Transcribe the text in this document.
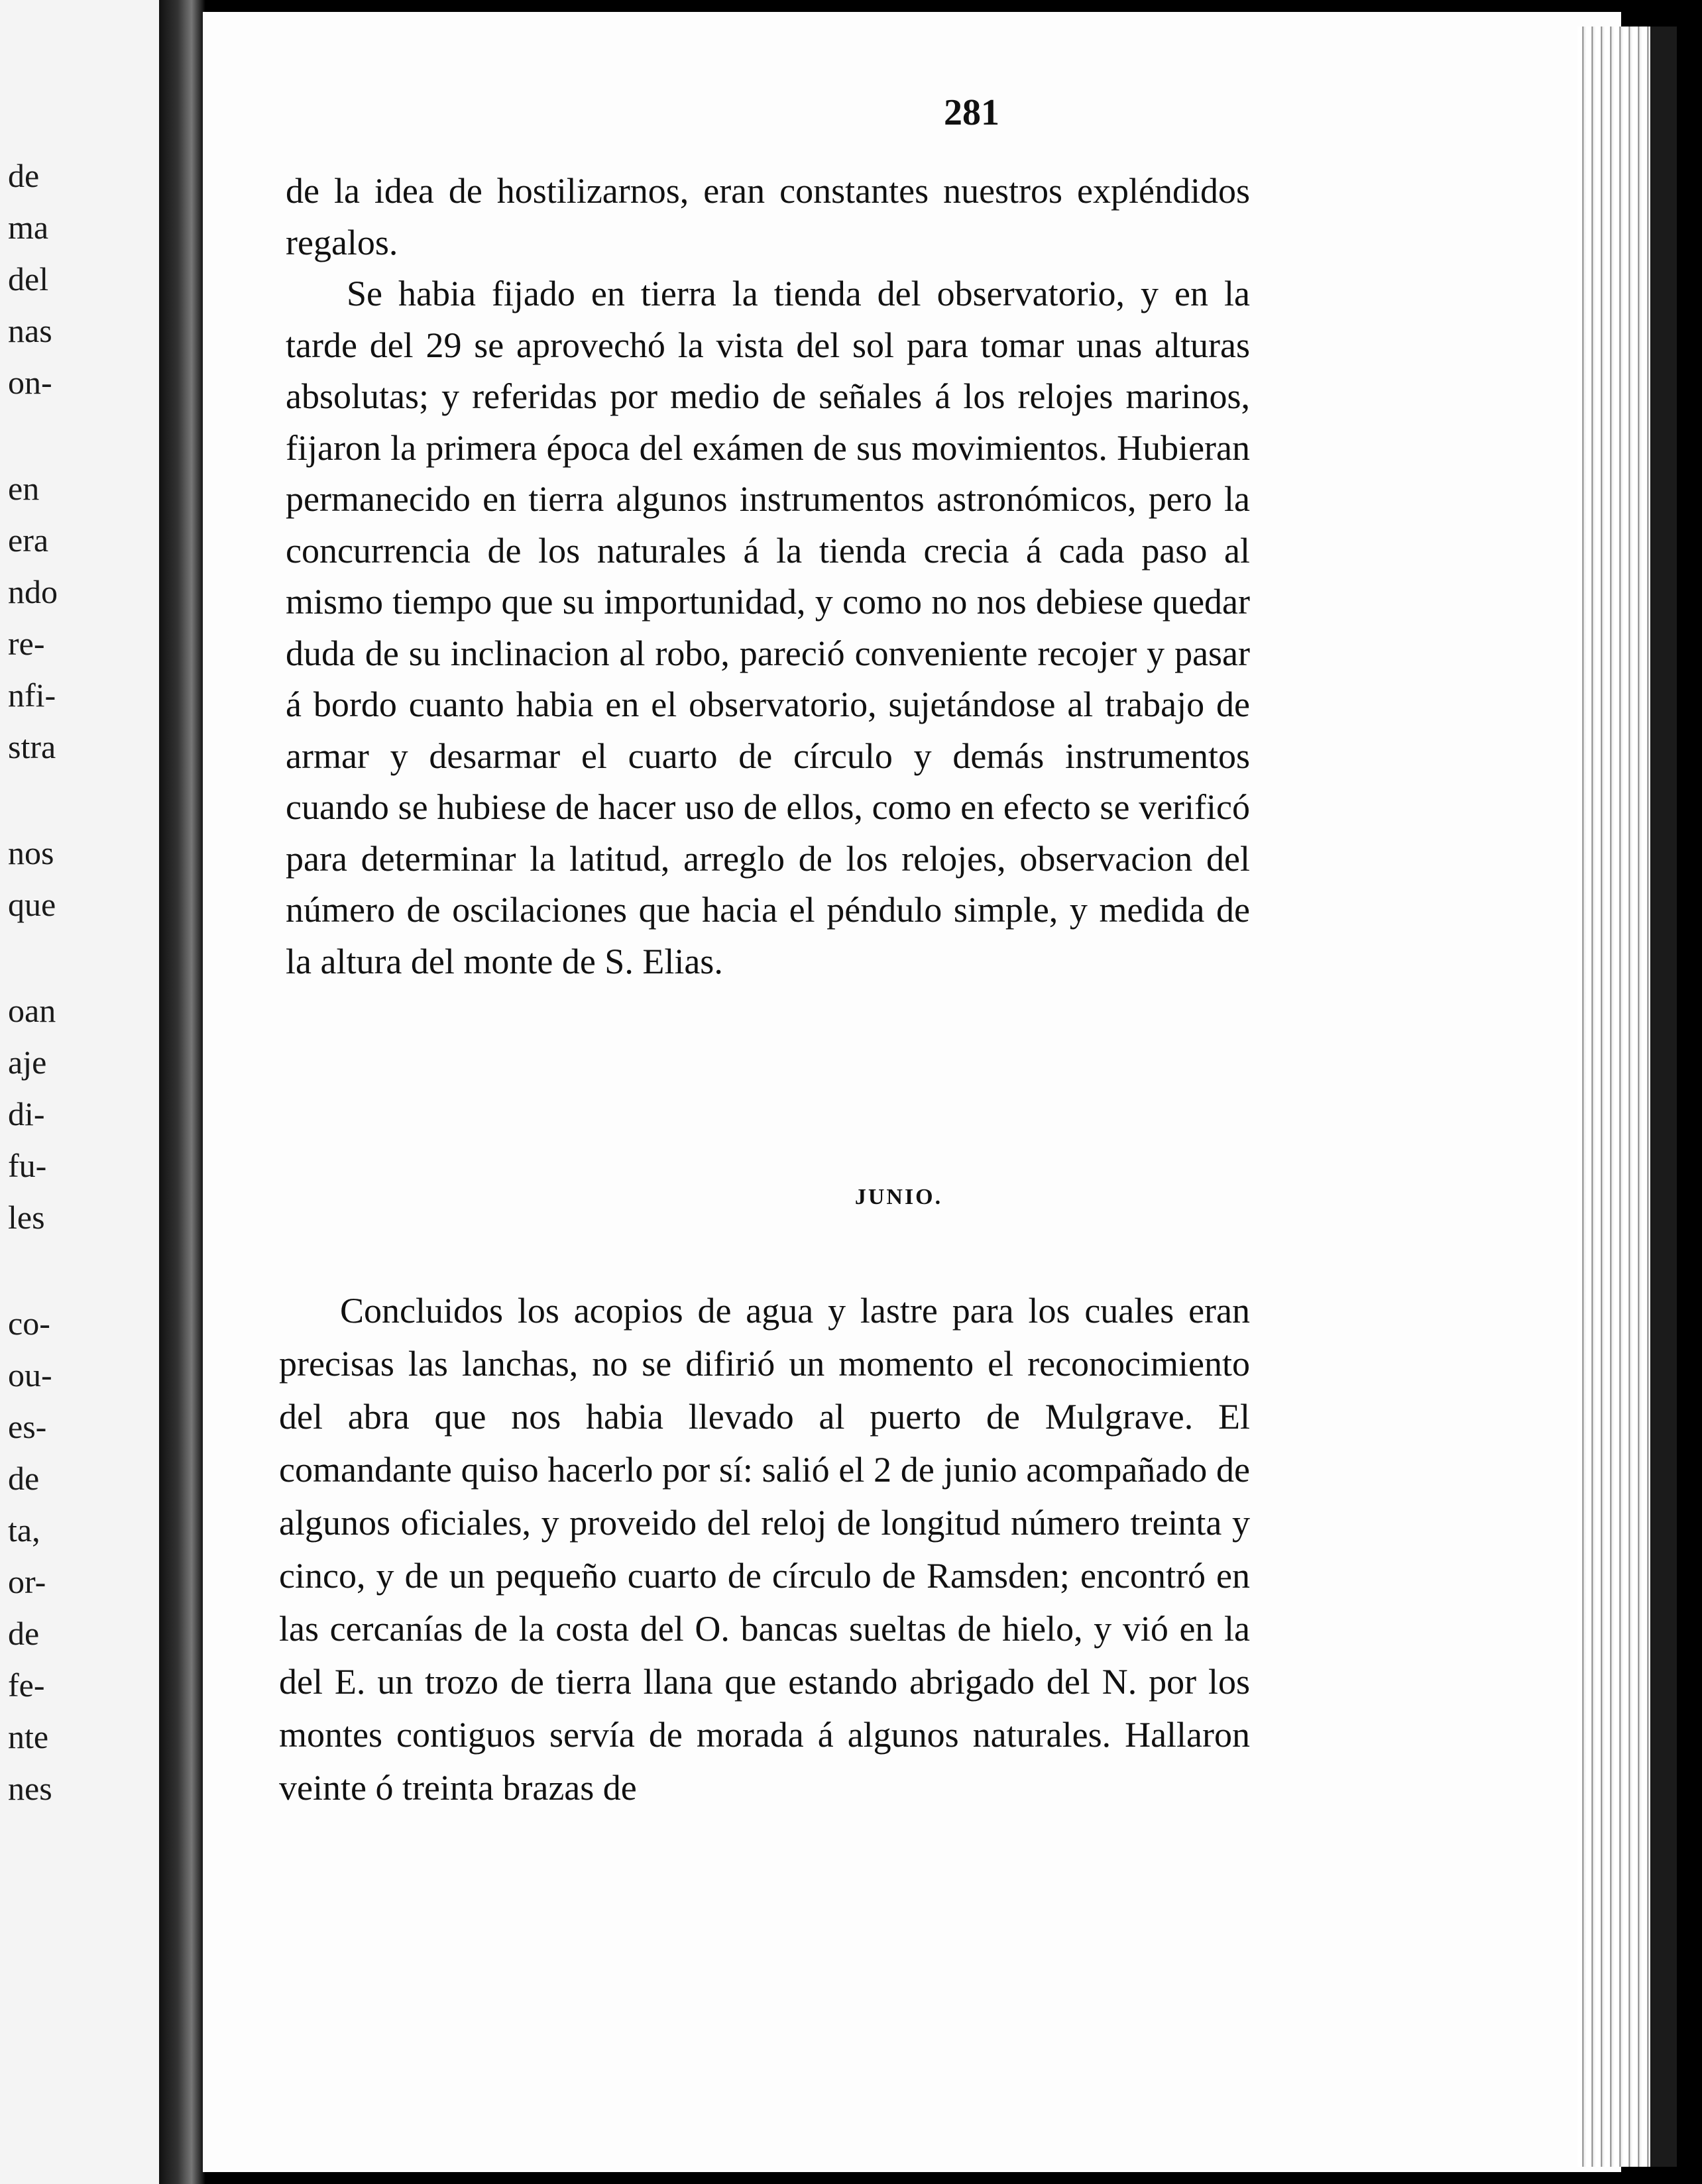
de
ma
del
nas
on-
en
era
ndo
re-
nfi-
stra
nos
que
oan
aje
di-
fu-
les
co-
ou-
es-
de
ta,
or-
de
fe-
nte
nes
281

de la idea de hostilizarnos, eran constantes nuestros expléndidos regalos.

Se habia fijado en tierra la tienda del observatorio, y en la tarde del 29 se aprovechó la vista del sol para tomar unas alturas absolutas; y referidas por medio de señales á los relojes marinos, fijaron la primera época del exámen de sus movimientos. Hubieran permanecido en tierra algunos instrumentos astronómicos, pero la concurrencia de los naturales á la tienda crecia á cada paso al mismo tiempo que su importunidad, y como no nos debiese quedar duda de su inclinacion al robo, pareció conveniente recojer y pasar á bordo cuanto habia en el observatorio, sujetándose al trabajo de armar y desarmar el cuarto de círculo y demás instrumentos cuando se hubiese de hacer uso de ellos, como en efecto se verificó para determinar la latitud, arreglo de los relojes, observacion del número de oscilaciones que hacia el péndulo simple, y medida de la altura del monte de S. Elias.

JUNIO.

Concluidos los acopios de agua y lastre para los cuales eran precisas las lanchas, no se difirió un momento el reconocimiento del abra que nos habia llevado al puerto de Mulgrave. El comandante quiso hacerlo por sí: salió el 2 de junio acompañado de algunos oficiales, y proveido del reloj de longitud número treinta y cinco, y de un pequeño cuarto de círculo de Ramsden; encontró en las cercanías de la costa del O. bancas sueltas de hielo, y vió en la del E. un trozo de tierra llana que estando abrigado del N. por los montes contiguos servía de morada á algunos naturales. Hallaron veinte ó treinta brazas de
